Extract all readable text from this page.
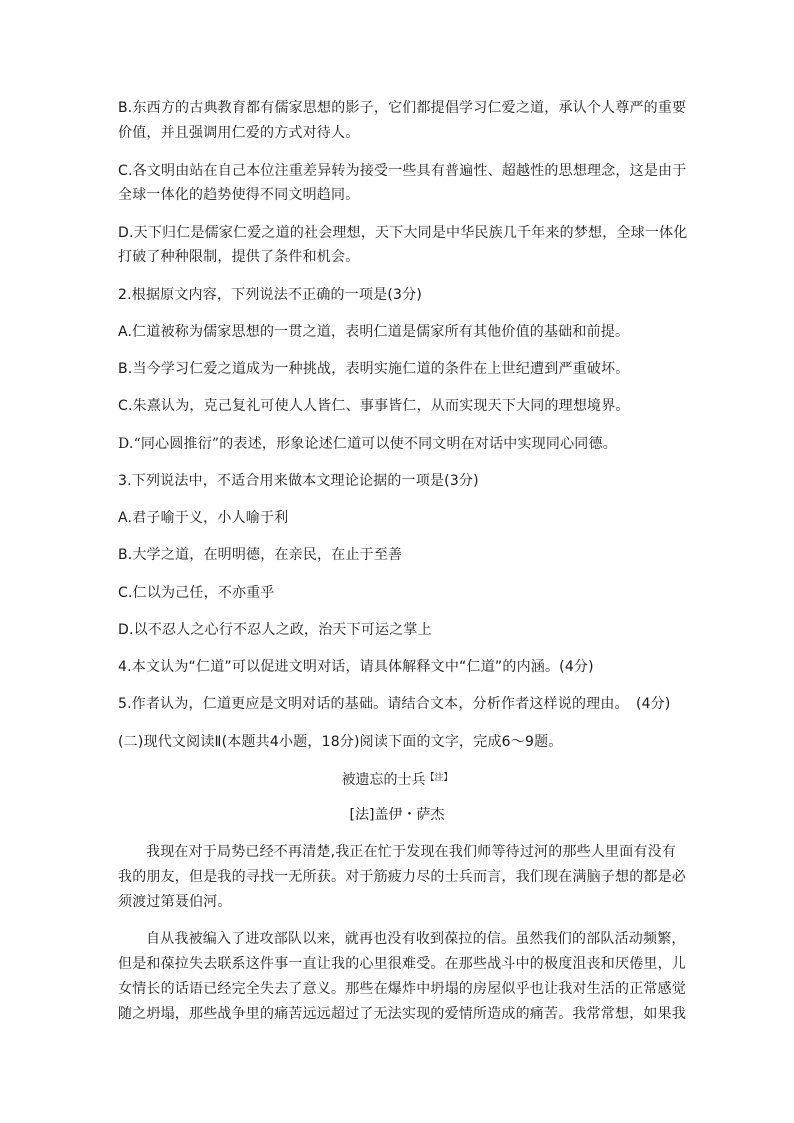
B.东西方的古典教育都有儒家思想的影子，它们都提倡学习仁爱之道，承认个人尊严的重要
价值，并且强调用仁爱的方式对待人。
C.各文明由站在自己本位注重差异转为接受一些具有普遍性、超越性的思想理念，这是由于
全球一体化的趋势使得不同文明趋同。
D.天下归仁是儒家仁爱之道的社会理想，天下大同是中华民族几千年来的梦想，全球一体化
打破了种种限制，提供了条件和机会。
2.根据原文内容，下列说法不正确的一项是(3分)
A.仁道被称为儒家思想的一贯之道，表明仁道是儒家所有其他价值的基础和前提。
B.当今学习仁爱之道成为一种挑战，表明实施仁道的条件在上世纪遭到严重破坏。
C.朱熹认为，克己复礼可使人人皆仁、事事皆仁，从而实现天下大同的理想境界。
D.“同心圆推衍”的表述，形象论述仁道可以使不同文明在对话中实现同心同德。
3.下列说法中，不适合用来做本文理论论据的一项是(3分)
A.君子喻于义，小人喻于利
B.大学之道，在明明德，在亲民，在止于至善
C.仁以为己任，不亦重乎
D.以不忍人之心行不忍人之政，治天下可运之掌上
4.本文认为“仁道”可以促进文明对话，请具体解释文中“仁道”的内涵。(4分)
5.作者认为，仁道更应是文明对话的基础。请结合文本，分析作者这样说的理由。　(4分)
(二)现代文阅读Ⅱ(本题共4小题，18分)阅读下面的文字，完成6～9题。
被遗忘的士兵$^{【注】}$
[法]盖伊・萨杰
我现在对于局势已经不再清楚,我正在忙于发现在我们师等待过河的那些人里面有没有
我的朋友，但是我的寻找一无所获。对于筋疲力尽的士兵而言，我们现在满脑子想的都是必
须渡过第聂伯河。
自从我被编入了进攻部队以来，就再也没有收到葆拉的信。虽然我们的部队活动频繁，
但是和葆拉失去联系这件事一直让我的心里很难受。在那些战斗中的极度沮丧和厌倦里，儿
女情长的话语已经完全失去了意义。那些在爆炸中坍塌的房屋似乎也让我对生活的正常感觉
随之坍塌，那些战争里的痛苦远远超过了无法实现的爱情所造成的痛苦。我常常想，如果我
